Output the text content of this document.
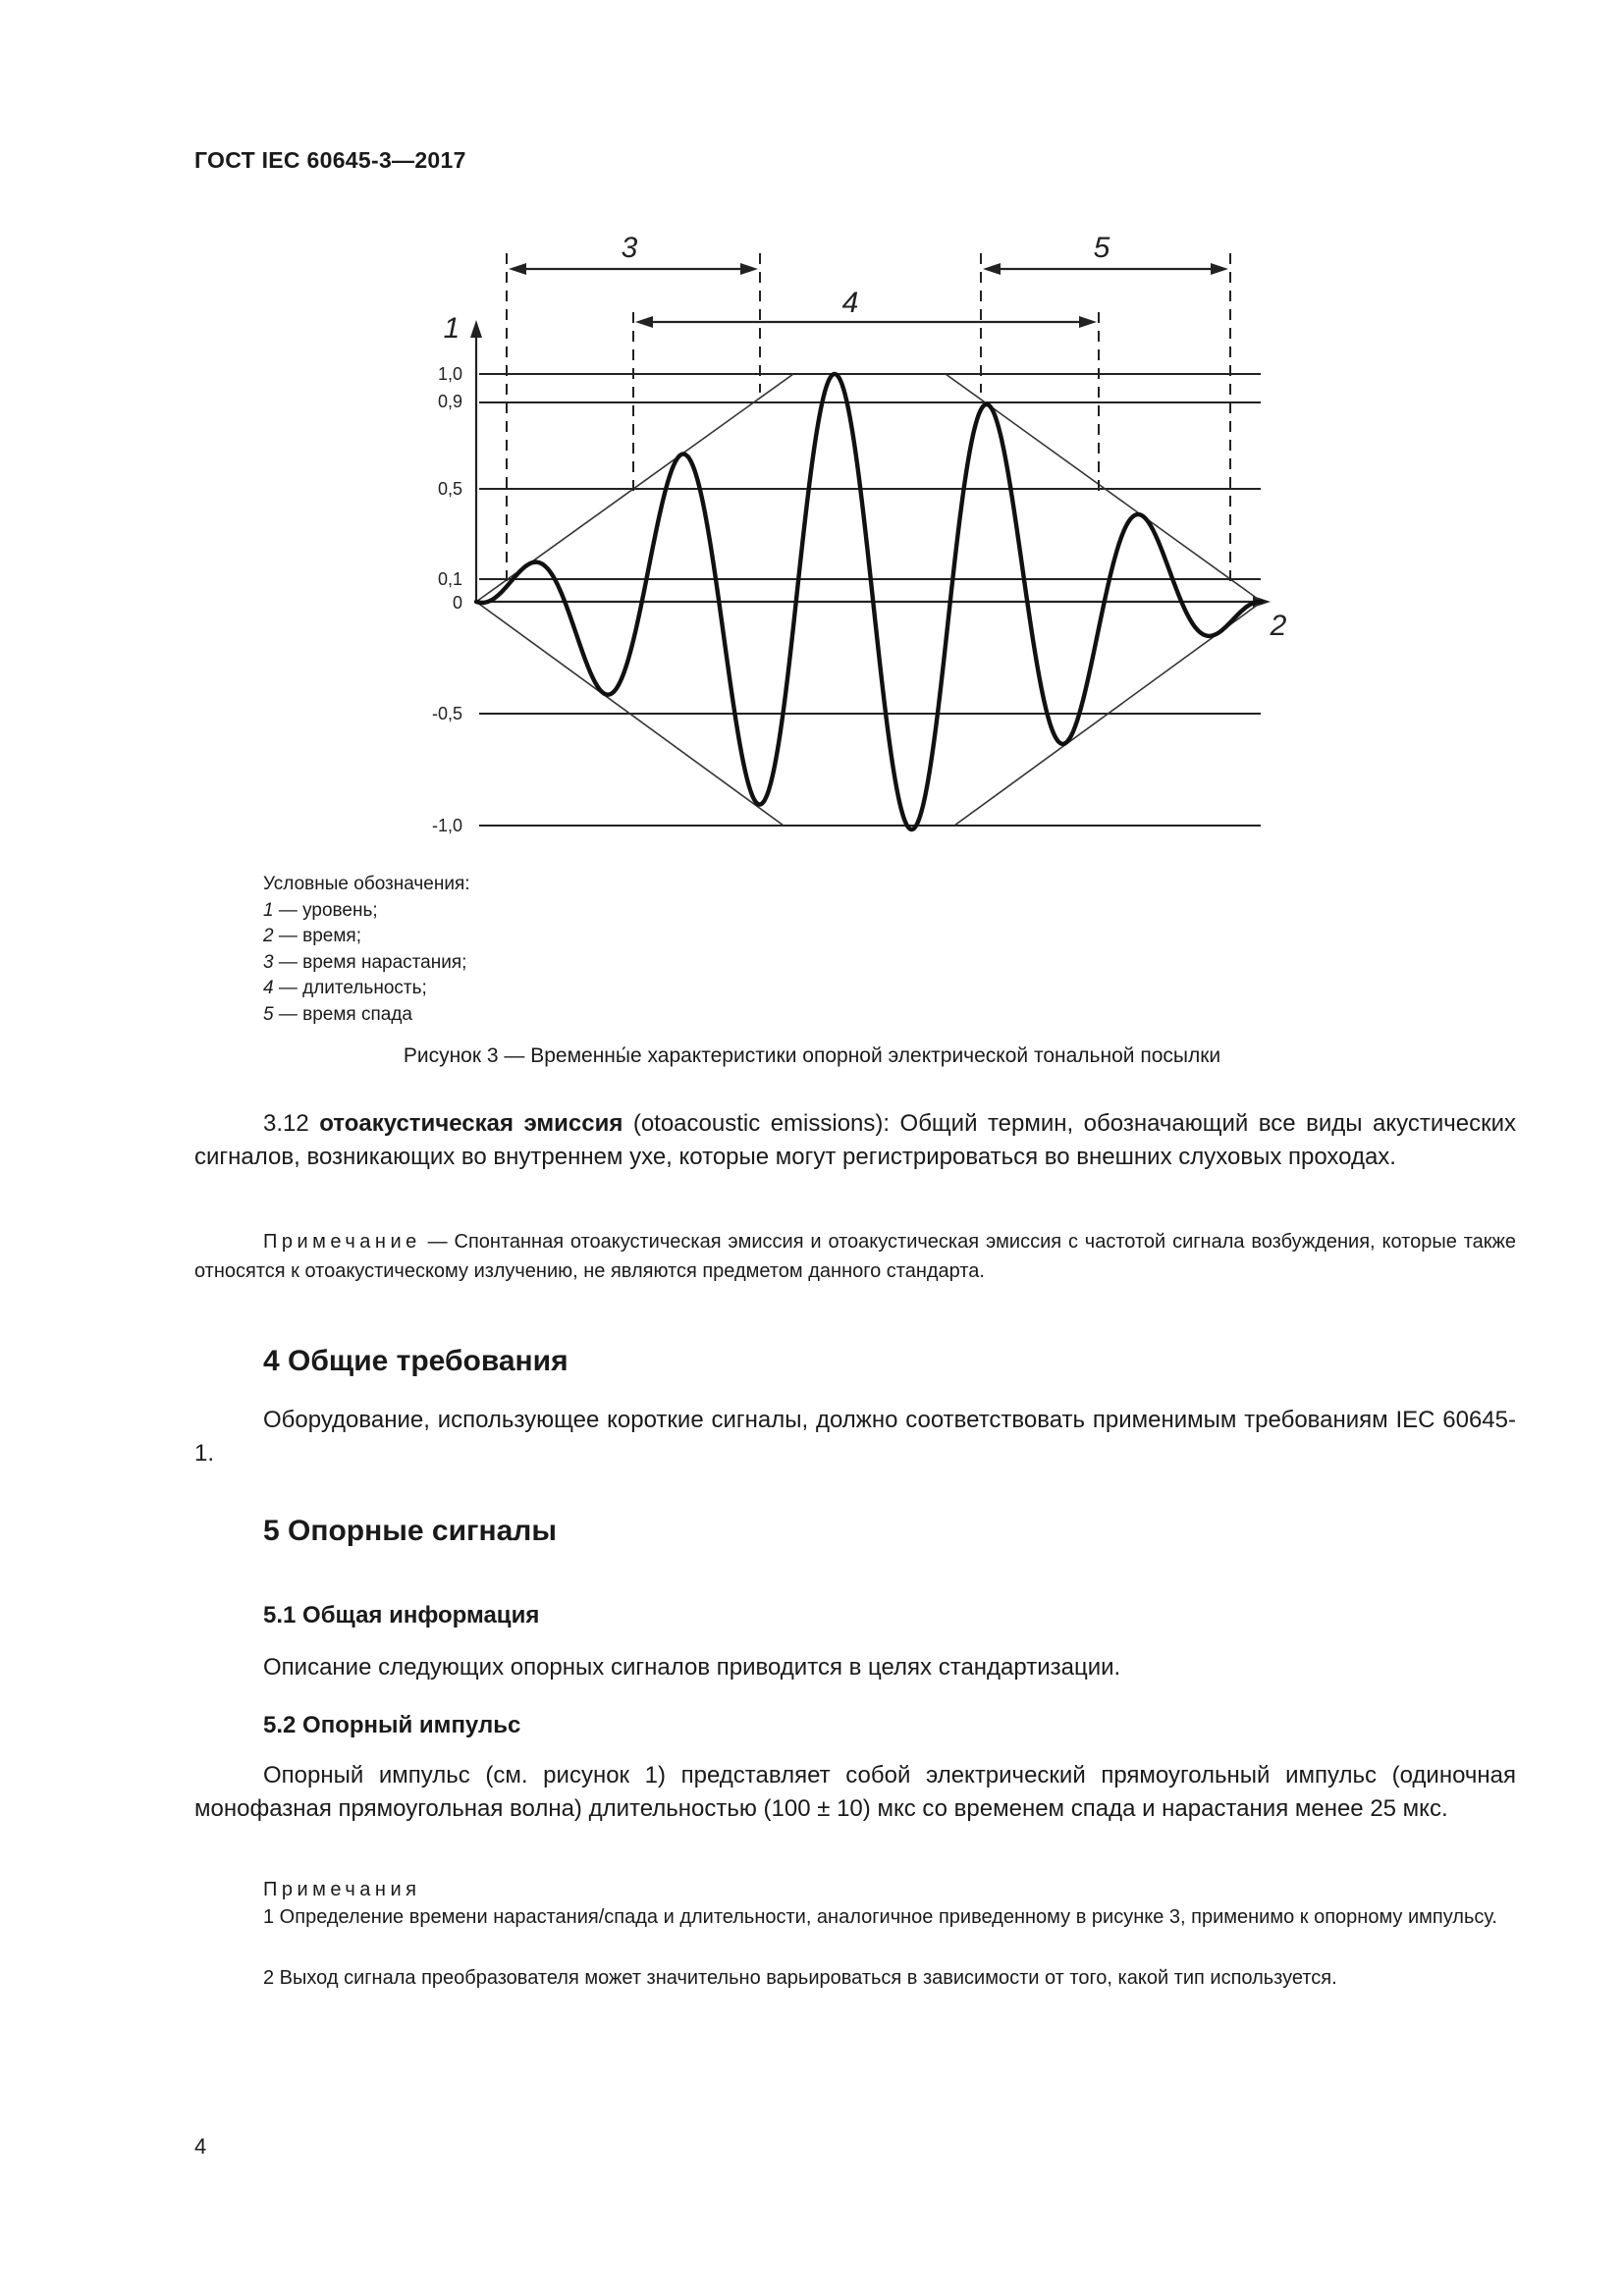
ГОСТ IEC 60645-3—2017
1,0
0,9
0,5
0,1
0
-0,5
-1,0
1
2
3
4
5
Условные обозначения:
1 — уровень;
2 — время;
3 — время нарастания;
4 — длительность;
5 — время спада
Рисунок 3 — Временны́е характеристики опорной электрической тональной посылки
3.12 отоакустическая эмиссия (otoacoustic emissions): Общий термин, обозначающий все виды акустических сигналов, возникающих во внутреннем ухе, которые могут регистрироваться во внешних слуховых проходах.
Примечание — Спонтанная отоакустическая эмиссия и отоакустическая эмиссия с частотой сигнала возбуждения, которые также относятся к отоакустическому излучению, не являются предметом данного стандарта.
4 Общие требования
Оборудование, использующее короткие сигналы, должно соответствовать применимым требованиям IEC 60645-1.
5 Опорные сигналы
5.1 Общая информация
Описание следующих опорных сигналов приводится в целях стандартизации.
5.2 Опорный импульс
Опорный импульс (см. рисунок 1) представляет собой электрический прямоугольный импульс (одиночная монофазная прямоугольная волна) длительностью (100 ± 10) мкс со временем спада и нарастания менее 25 мкс.
Примечания
1 Определение времени нарастания/спада и длительности, аналогичное приведенному в рисунке 3, применимо к опорному импульсу.
2 Выход сигнала преобразователя может значительно варьироваться в зависимости от того, какой тип используется.
4
